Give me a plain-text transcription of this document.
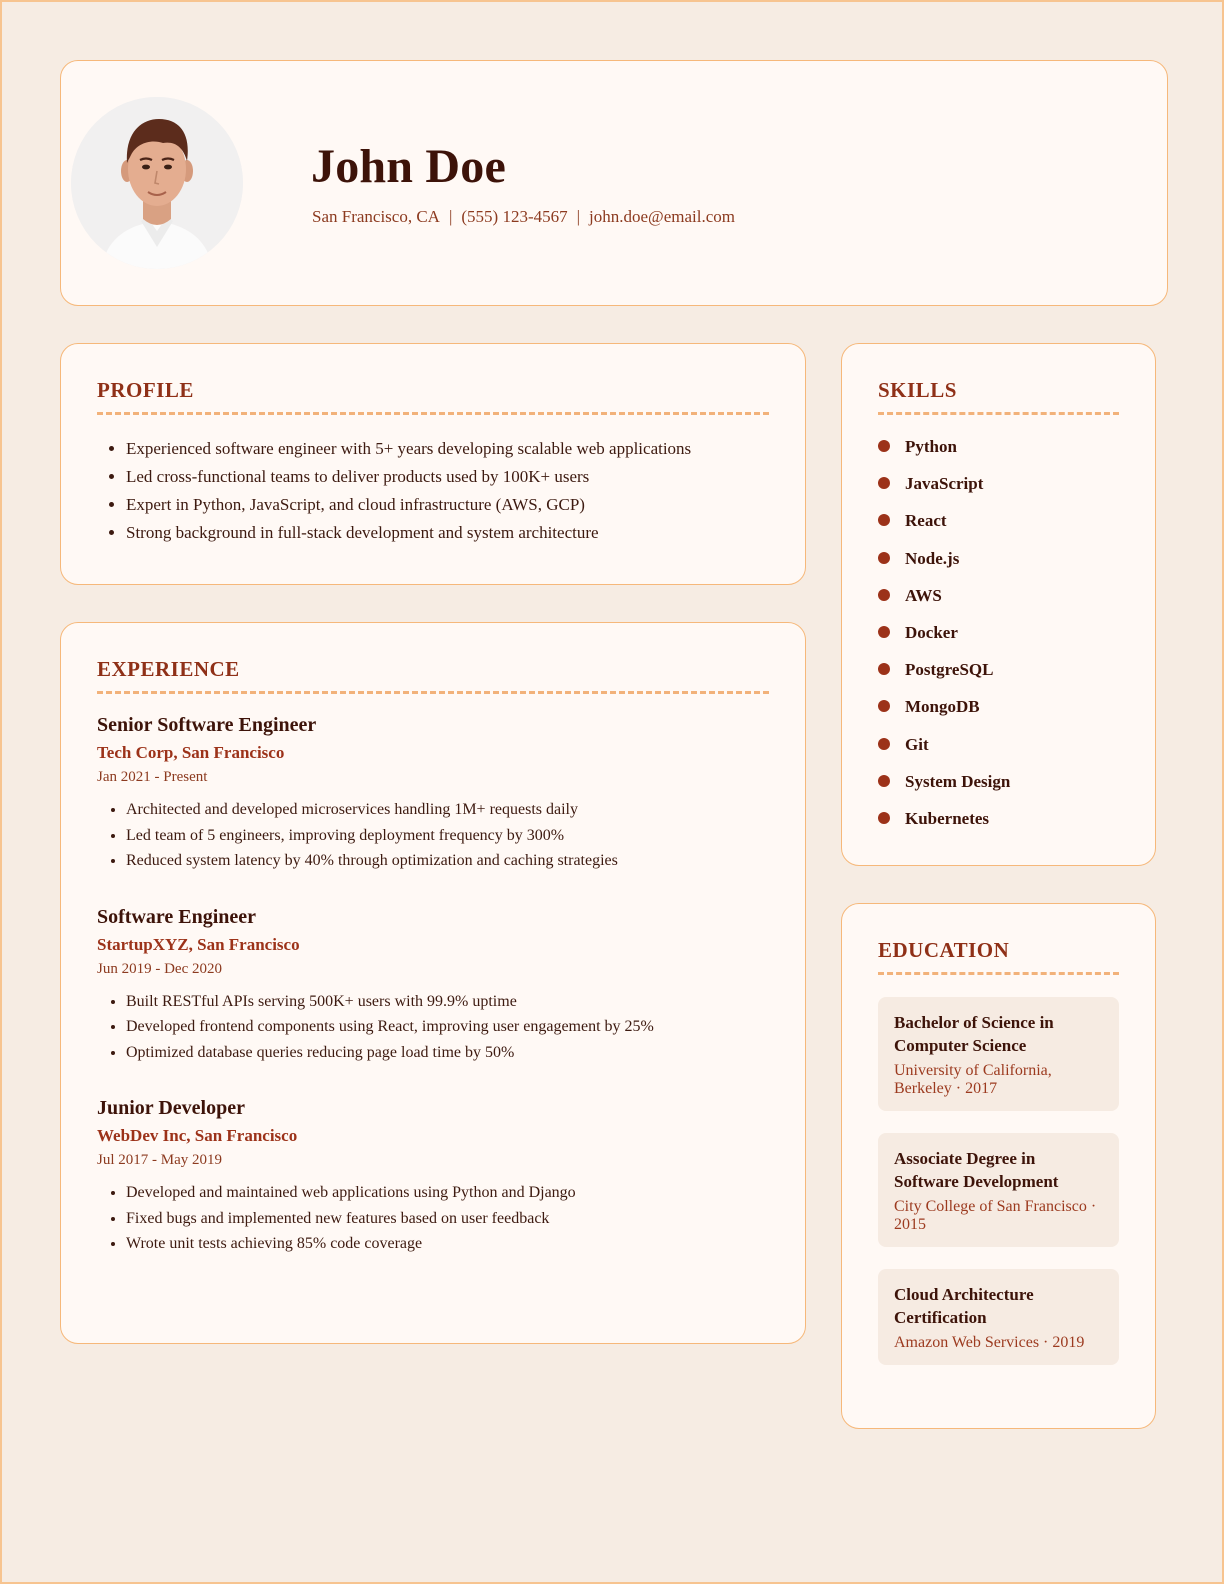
John Doe
San Francisco, CA | (555) 123-4567 | john.doe@email.com
PROFILE
• Experienced software engineer with 5+ years developing scalable web applications
• Led cross-functional teams to deliver products used by 100K+ users
• Expert in Python, JavaScript, and cloud infrastructure (AWS, GCP)
• Strong background in full-stack development and system architecture
EXPERIENCE
Senior Software Engineer
Tech Corp, San Francisco
Jan 2021 - Present
• Architected and developed microservices handling 1M+ requests daily
• Led team of 5 engineers, improving deployment frequency by 300%
• Reduced system latency by 40% through optimization and caching strategies
Software Engineer
StartupXYZ, San Francisco
Jun 2019 - Dec 2020
• Built RESTful APIs serving 500K+ users with 99.9% uptime
• Developed frontend components using React, improving user engagement by 25%
• Optimized database queries reducing page load time by 50%
Junior Developer
WebDev Inc, San Francisco
Jul 2017 - May 2019
• Developed and maintained web applications using Python and Django
• Fixed bugs and implemented new features based on user feedback
• Wrote unit tests achieving 85% code coverage
SKILLS
Python
JavaScript
React
Node.js
AWS
Docker
PostgreSQL
MongoDB
Git
System Design
Kubernetes
EDUCATION
Bachelor of Science in Computer Science
University of California, Berkeley · 2017
Associate Degree in Software Development
City College of San Francisco · 2015
Cloud Architecture Certification
Amazon Web Services · 2019
